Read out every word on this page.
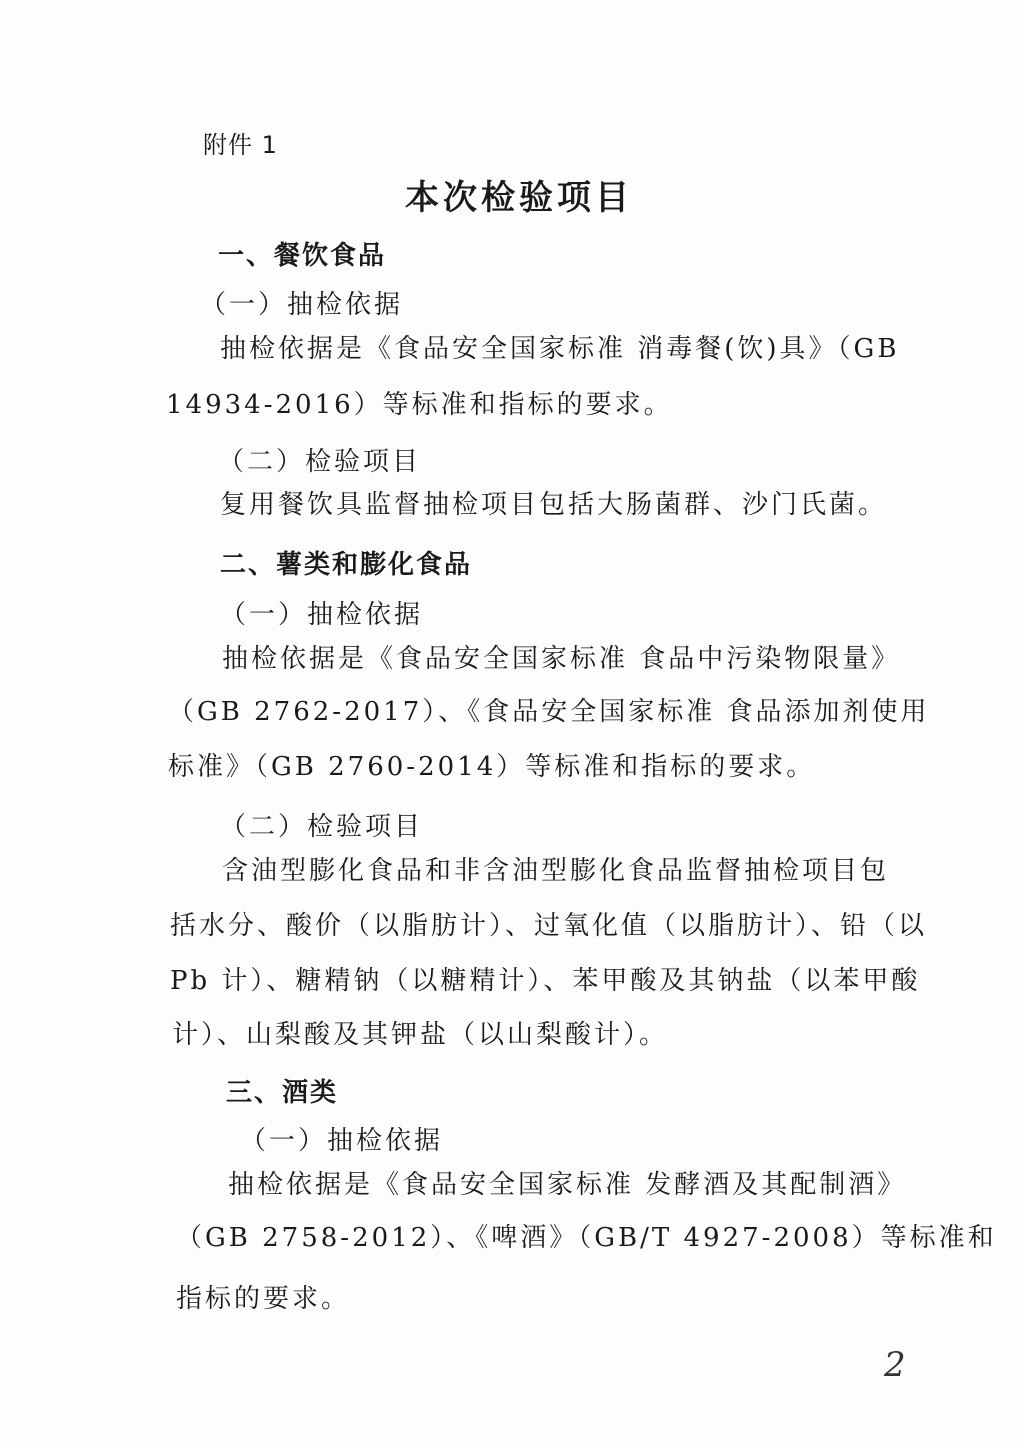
附件 1
本次检验项目
一、餐饮食品
（一）抽检依据
抽检依据是《食品安全国家标准 消毒餐(饮)具》（GB
14934-2016）等标准和指标的要求。
（二）检验项目
复用餐饮具监督抽检项目包括大肠菌群、沙门氏菌。
二、薯类和膨化食品
（一）抽检依据
抽检依据是《食品安全国家标准 食品中污染物限量》
（GB 2762-2017）、《食品安全国家标准 食品添加剂使用
标准》（GB 2760-2014）等标准和指标的要求。
（二）检验项目
含油型膨化食品和非含油型膨化食品监督抽检项目包
括水分、酸价（以脂肪计）、过氧化值（以脂肪计）、铅（以
Pb 计）、糖精钠（以糖精计）、苯甲酸及其钠盐（以苯甲酸
计）、山梨酸及其钾盐（以山梨酸计）。
三、酒类
（一）抽检依据
抽检依据是《食品安全国家标准 发酵酒及其配制酒》
（GB 2758-2012）、《啤酒》（GB/T 4927-2008）等标准和
指标的要求。
2
